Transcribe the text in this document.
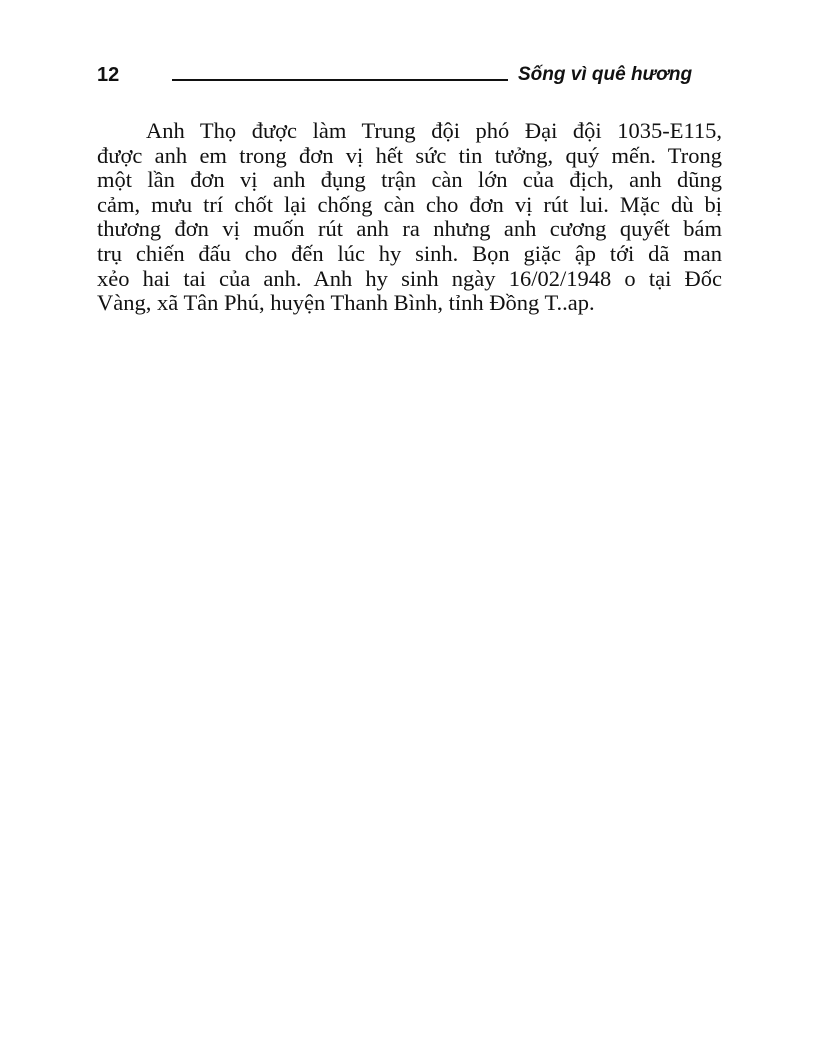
12	Sống vì quê hương
Anh Thọ được làm Trung đội phó Đại đội 1035-E115,
được anh em trong đơn vị hết sức tin tưởng, quý mến. Trong
một lần đơn vị anh đụng trận càn lớn của địch, anh dũng
cảm, mưu trí chốt lại chống càn cho đơn vị rút lui. Mặc dù bị
thương đơn vị muốn rút anh ra nhưng anh cương quyết bám
trụ chiến đấu cho đến lúc hy sinh. Bọn giặc ập tới dã man
xẻo hai tai của anh. Anh hy sinh ngày 16/02/1948 o tại Đốc
Vàng, xã Tân Phú, huyện Thanh Bình, tỉnh Đồng T..ap.
